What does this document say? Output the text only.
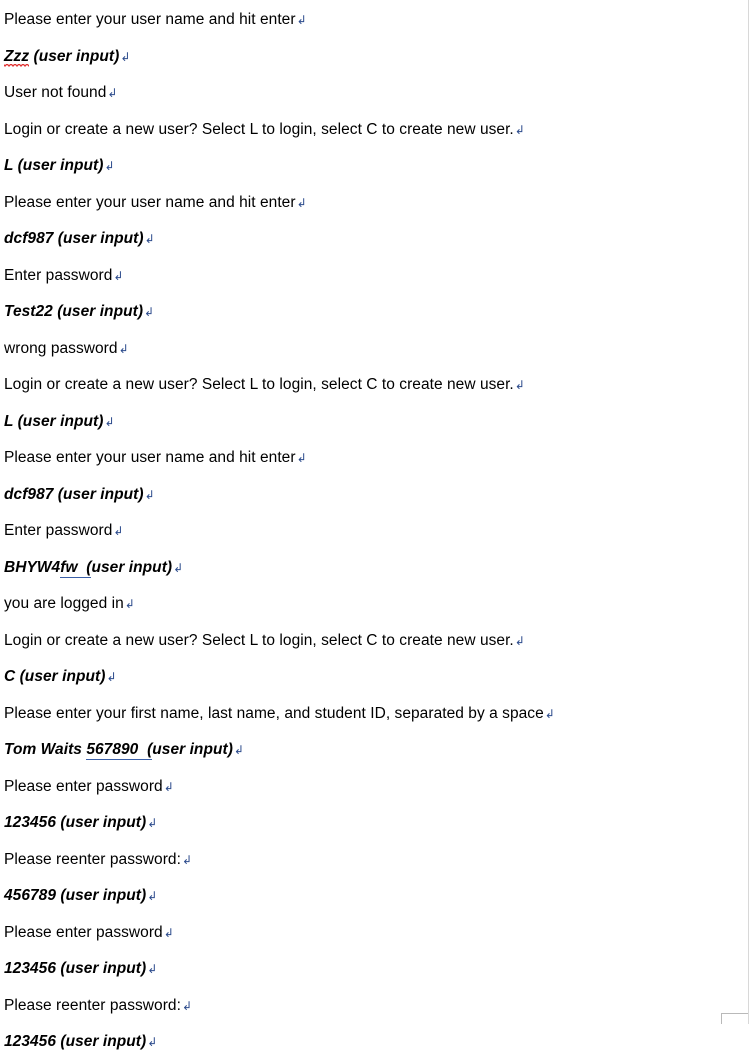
Please enter your user name and hit enter↲
Zzz (user input)↲
User not found↲
Login or create a new user? Select L to login, select C to create new user.↲
L (user input)↲
Please enter your user name and hit enter↲
dcf987 (user input)↲
Enter password↲
Test22 (user input)↲
wrong password↲
Login or create a new user? Select L to login, select C to create new user.↲
L (user input)↲
Please enter your user name and hit enter↲
dcf987 (user input)↲
Enter password↲
BHYW4fw  (user input)↲
you are logged in↲
Login or create a new user? Select L to login, select C to create new user.↲
C (user input)↲
Please enter your first name, last name, and student ID, separated by a space↲
Tom Waits 567890  (user input)↲
Please enter password↲
123456 (user input)↲
Please reenter password:↲
456789 (user input)↲
Please enter password↲
123456 (user input)↲
Please reenter password:↲
123456 (user input)↲
